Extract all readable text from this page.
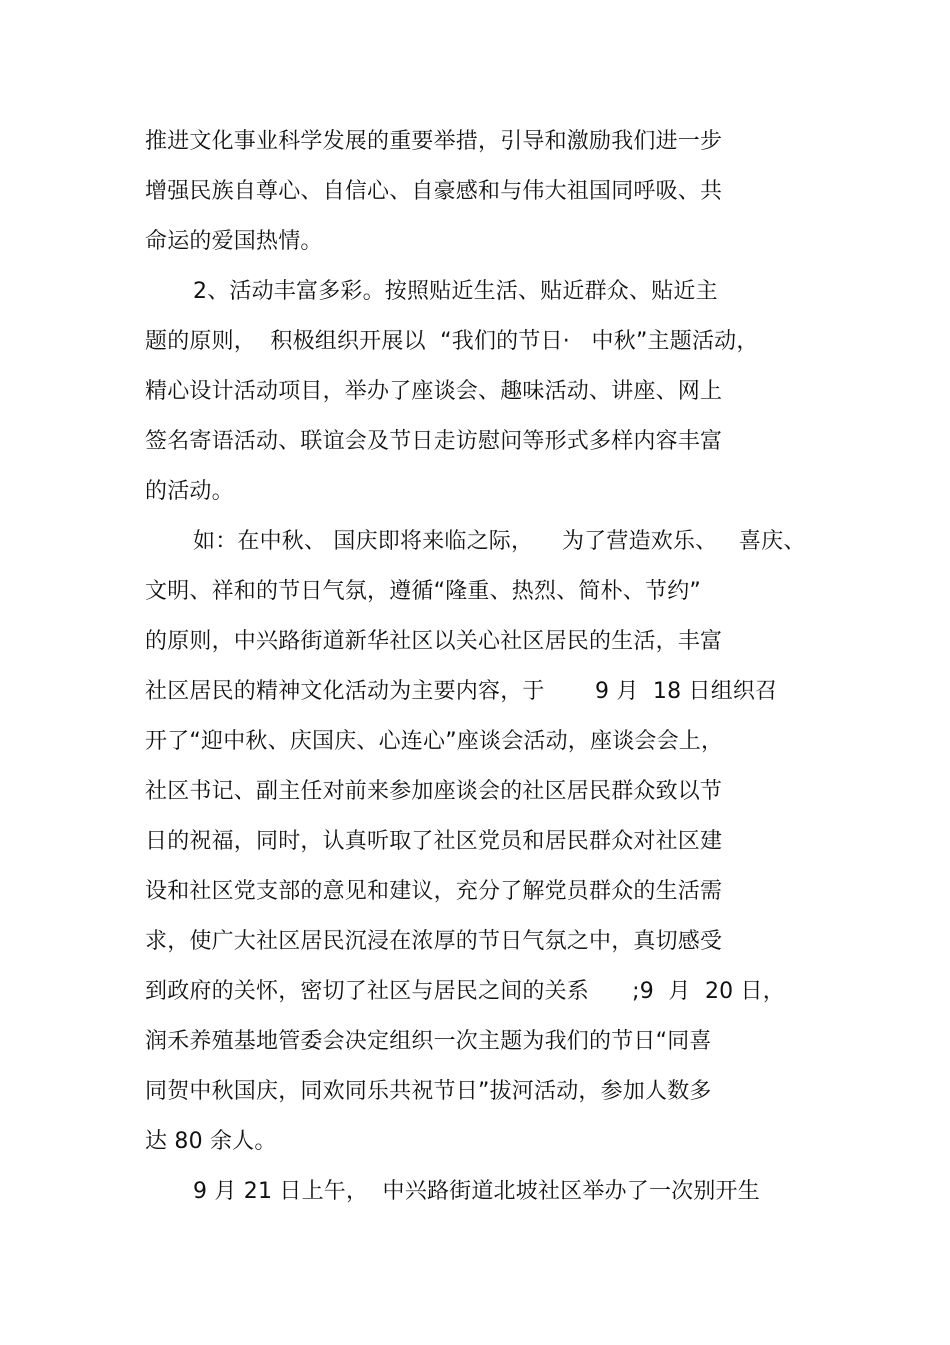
推进文化事业科学发展的重要举措，引导和激励我们进一步
增强民族自尊心、自信心、自豪感和与伟大祖国同呼吸、共
命运的爱国热情。
2、活动丰富多彩。按照贴近生活、贴近群众、贴近主
题的原则，  积极组织开展以  “我们的节日·   中秋”主题活动，
精心设计活动项目，举办了座谈会、趣味活动、讲座、网上
签名寄语活动、联谊会及节日走访慰问等形式多样内容丰富
的活动。
如：在中秋、 国庆即将来临之际，    为了营造欢乐、   喜庆、
文明、祥和的节日气氛，遵循“隆重、热烈、简朴、节约”
的原则，中兴路街道新华社区以关心社区居民的生活，丰富
社区居民的精神文化活动为主要内容，于       9 月  18 日组织召
开了“迎中秋、庆国庆、心连心”座谈会活动，座谈会会上，
社区书记、副主任对前来参加座谈会的社区居民群众致以节
日的祝福，同时，认真听取了社区党员和居民群众对社区建
设和社区党支部的意见和建议，充分了解党员群众的生活需
求，使广大社区居民沉浸在浓厚的节日气氛之中，真切感受
到政府的关怀，密切了社区与居民之间的关系      ;9  月  20 日，
润禾养殖基地管委会决定组织一次主题为我们的节日“同喜
同贺中秋国庆，同欢同乐共祝节日”拔河活动，参加人数多
达 80 余人。
9 月 21 日上午，  中兴路街道北坡社区举办了一次别开生
